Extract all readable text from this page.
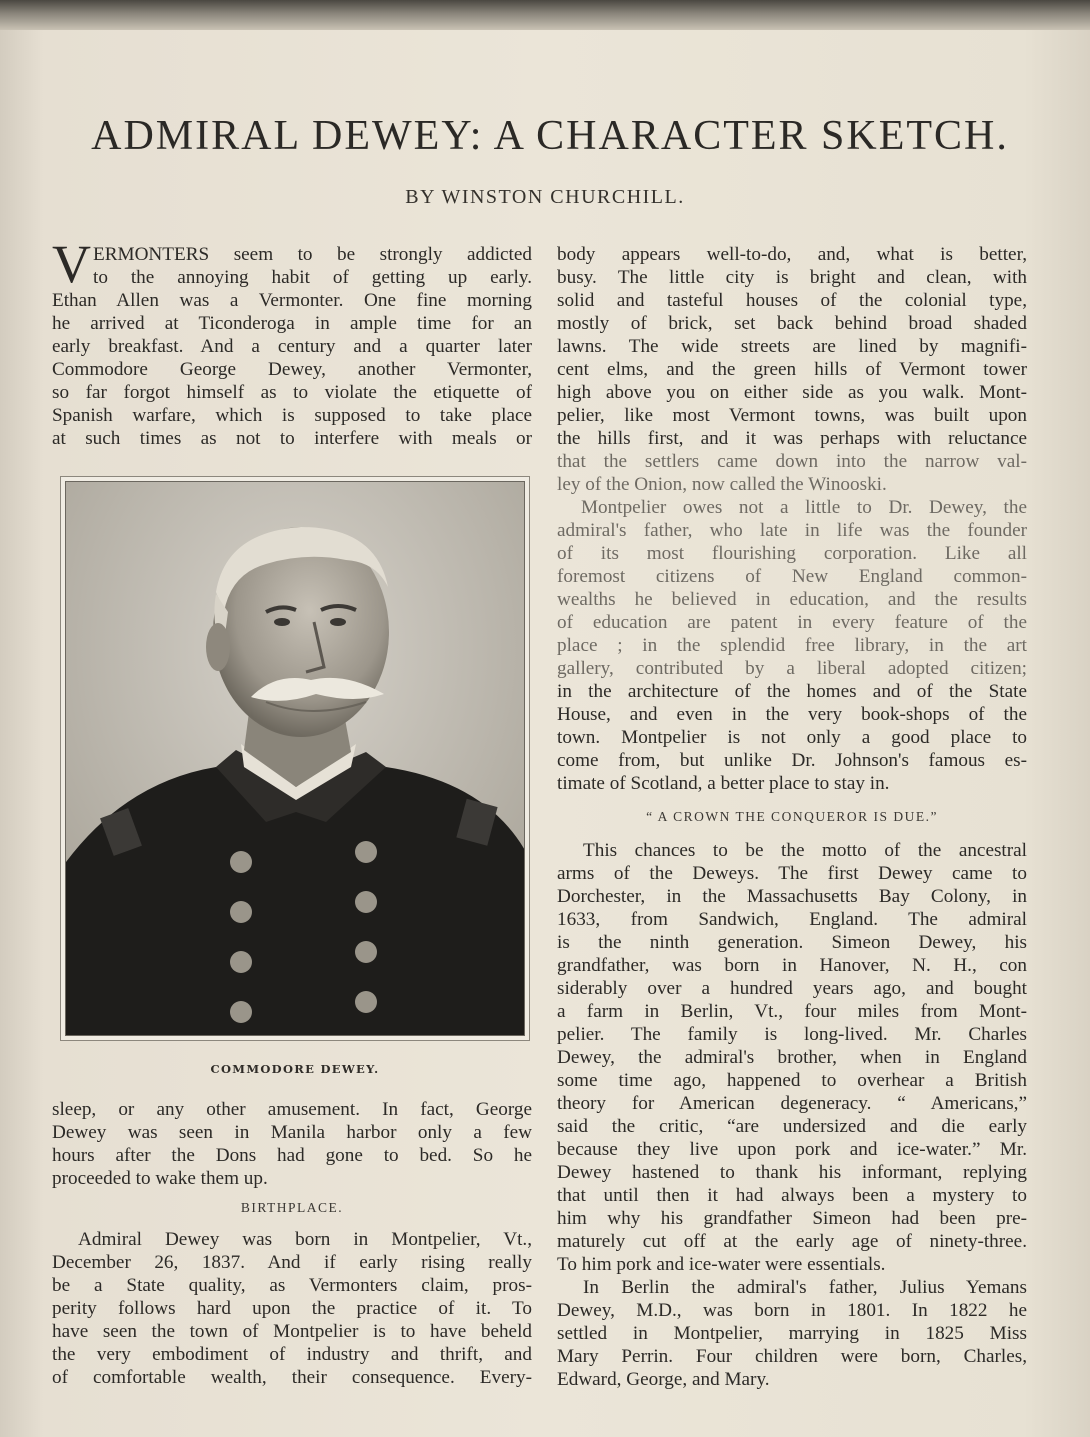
ADMIRAL DEWEY: A CHARACTER SKETCH.
BY WINSTON CHURCHILL.
V ERMONTERS seem to be strongly addicted
to the annoying habit of getting up early.
Ethan Allen was a Vermonter. One fine morning
he arrived at Ticonderoga in ample time for an
early breakfast. And a century and a quarter later
Commodore George Dewey, another Vermonter,
so far forgot himself as to violate the etiquette of
Spanish warfare, which is supposed to take place
at such times as not to interfere with meals or
COMMODORE DEWEY.
sleep, or any other amusement. In fact, George
Dewey was seen in Manila harbor only a few
hours after the Dons had gone to bed. So he
proceeded to wake them up.
BIRTHPLACE.
Admiral Dewey was born in Montpelier, Vt.,
December 26, 1837. And if early rising really
be a State quality, as Vermonters claim, pros-
perity follows hard upon the practice of it. To
have seen the town of Montpelier is to have beheld
the very embodiment of industry and thrift, and
of comfortable wealth, their consequence. Every-
body appears well-to-do, and, what is better,
busy. The little city is bright and clean, with
solid and tasteful houses of the colonial type,
mostly of brick, set back behind broad shaded
lawns. The wide streets are lined by magnifi-
cent elms, and the green hills of Vermont tower
high above you on either side as you walk. Mont-
pelier, like most Vermont towns, was built upon
the hills first, and it was perhaps with reluctance
that the settlers came down into the narrow val-
ley of the Onion, now called the Winooski.
Montpelier owes not a little to Dr. Dewey, the
admiral's father, who late in life was the founder
of its most flourishing corporation. Like all
foremost citizens of New England common-
wealths he believed in education, and the results
of education are patent in every feature of the
place ; in the splendid free library, in the art
gallery, contributed by a liberal adopted citizen;
in the architecture of the homes and of the State
House, and even in the very book-shops of the
town. Montpelier is not only a good place to
come from, but unlike Dr. Johnson's famous es-
timate of Scotland, a better place to stay in.
“ A CROWN THE CONQUEROR IS DUE.”
This chances to be the motto of the ancestral
arms of the Deweys. The first Dewey came to
Dorchester, in the Massachusetts Bay Colony, in
1633, from Sandwich, England. The admiral
is the ninth generation. Simeon Dewey, his
grandfather, was born in Hanover, N. H., con
siderably over a hundred years ago, and bought
a farm in Berlin, Vt., four miles from Mont-
pelier. The family is long-lived. Mr. Charles
Dewey, the admiral's brother, when in England
some time ago, happened to overhear a British
theory for American degeneracy. “ Americans,”
said the critic, “are undersized and die early
because they live upon pork and ice-water.” Mr.
Dewey hastened to thank his informant, replying
that until then it had always been a mystery to
him why his grandfather Simeon had been pre-
maturely cut off at the early age of ninety-three.
To him pork and ice-water were essentials.
In Berlin the admiral's father, Julius Yemans
Dewey, M.D., was born in 1801. In 1822 he
settled in Montpelier, marrying in 1825 Miss
Mary Perrin. Four children were born, Charles,
Edward, George, and Mary.
